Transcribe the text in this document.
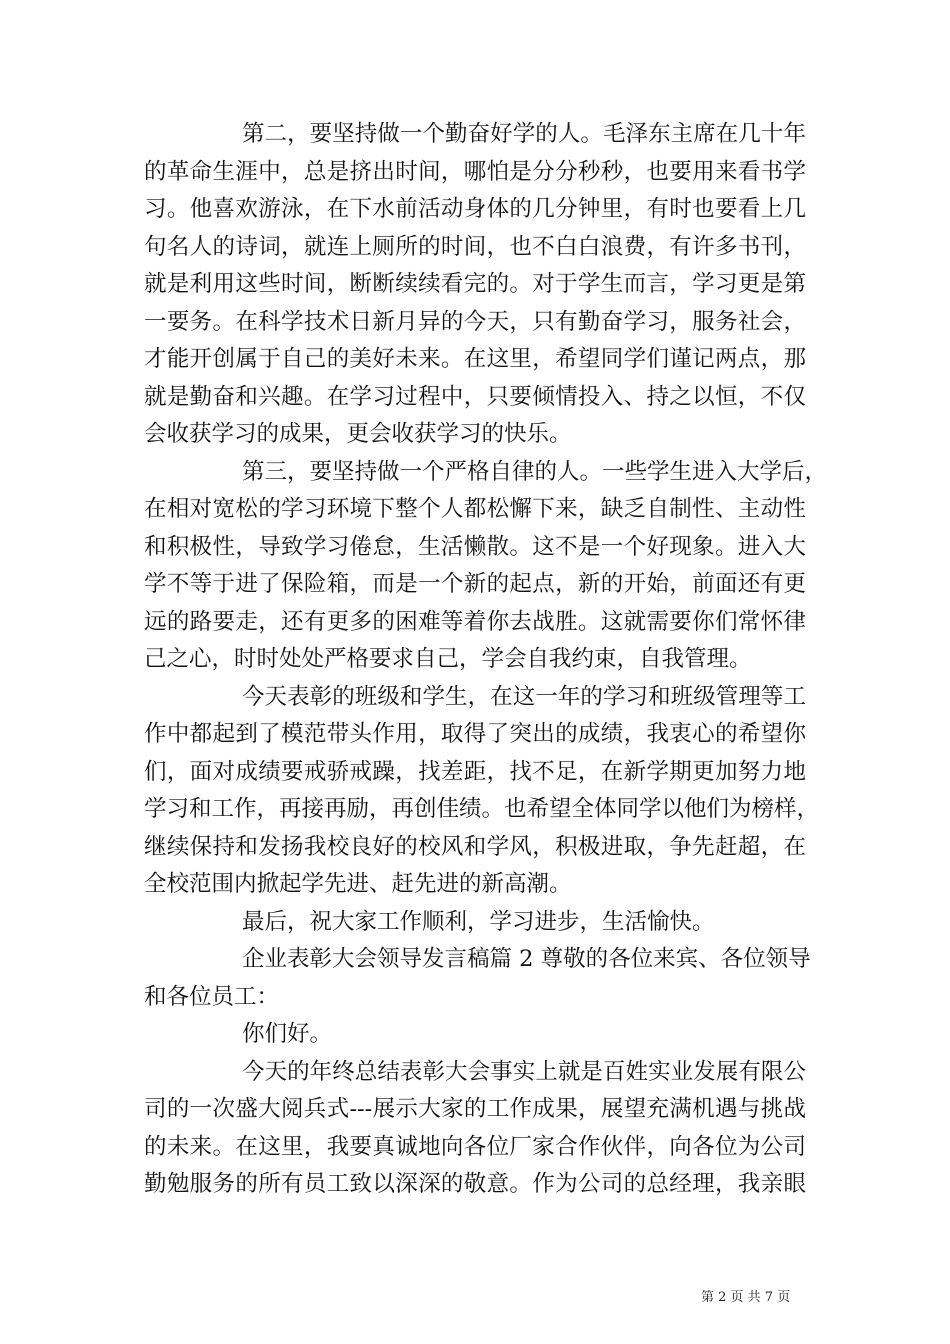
第二，要坚持做一个勤奋好学的人。毛泽东主席在几十年
的革命生涯中，总是挤出时间，哪怕是分分秒秒，也要用来看书学
习。他喜欢游泳，在下水前活动身体的几分钟里，有时也要看上几
句名人的诗词，就连上厕所的时间，也不白白浪费，有许多书刊，
就是利用这些时间，断断续续看完的。对于学生而言，学习更是第
一要务。在科学技术日新月异的今天，只有勤奋学习，服务社会，
才能开创属于自己的美好未来。在这里，希望同学们谨记两点，那
就是勤奋和兴趣。在学习过程中，只要倾情投入、持之以恒，不仅
会收获学习的成果，更会收获学习的快乐。
第三，要坚持做一个严格自律的人。一些学生进入大学后，
在相对宽松的学习环境下整个人都松懈下来，缺乏自制性、主动性
和积极性，导致学习倦怠，生活懒散。这不是一个好现象。进入大
学不等于进了保险箱，而是一个新的起点，新的开始，前面还有更
远的路要走，还有更多的困难等着你去战胜。这就需要你们常怀律
己之心，时时处处严格要求自己，学会自我约束，自我管理。
今天表彰的班级和学生，在这一年的学习和班级管理等工
作中都起到了模范带头作用，取得了突出的成绩，我衷心的希望你
们，面对成绩要戒骄戒躁，找差距，找不足，在新学期更加努力地
学习和工作，再接再励，再创佳绩。也希望全体同学以他们为榜样，
继续保持和发扬我校良好的校风和学风，积极进取，争先赶超，在
全校范围内掀起学先进、赶先进的新高潮。
最后，祝大家工作顺利，学习进步，生活愉快。
企业表彰大会领导发言稿篇 2 尊敬的各位来宾、各位领导
和各位员工：
你们好。
今天的年终总结表彰大会事实上就是百姓实业发展有限公
司的一次盛大阅兵式---展示大家的工作成果，展望充满机遇与挑战
的未来。在这里，我要真诚地向各位厂家合作伙伴，向各位为公司
勤勉服务的所有员工致以深深的敬意。作为公司的总经理，我亲眼
第 2 页 共 7 页
